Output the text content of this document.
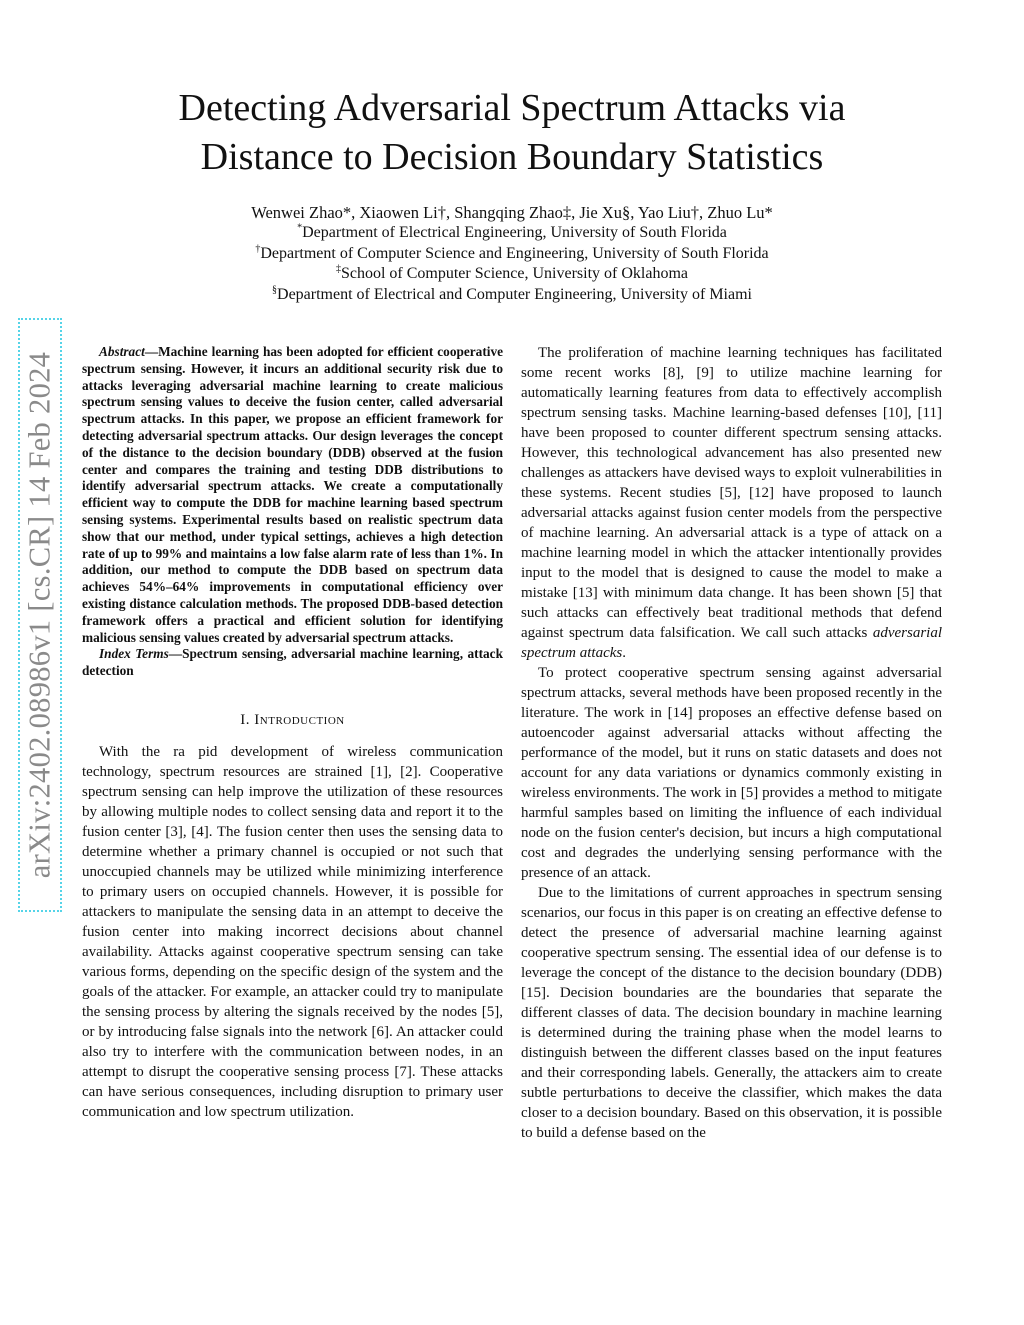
arXiv:2402.08986v1 [cs.CR] 14 Feb 2024
Detecting Adversarial Spectrum Attacks via
Distance to Decision Boundary Statistics
Wenwei Zhao*, Xiaowen Li†, Shangqing Zhao‡, Jie Xu§, Yao Liu†, Zhuo Lu*
*Department of Electrical Engineering, University of South Florida
†Department of Computer Science and Engineering, University of South Florida
‡School of Computer Science, University of Oklahoma
§Department of Electrical and Computer Engineering, University of Miami

Abstract—Machine learning has been adopted for efficient cooperative spectrum sensing. However, it incurs an additional security risk due to attacks leveraging adversarial machine learning to create malicious spectrum sensing values to deceive the fusion center, called adversarial spectrum attacks. In this paper, we propose an efficient framework for detecting adversarial spectrum attacks. Our design leverages the concept of the distance to the decision boundary (DDB) observed at the fusion center and compares the training and testing DDB distributions to identify adversarial spectrum attacks. We create a computationally efficient way to compute the DDB for machine learning based spectrum sensing systems. Experimental results based on realistic spectrum data show that our method, under typical settings, achieves a high detection rate of up to 99% and maintains a low false alarm rate of less than 1%. In addition, our method to compute the DDB based on spectrum data achieves 54%–64% improvements in computational efficiency over existing distance calculation methods. The proposed DDB-based detection framework offers a practical and efficient solution for identifying malicious sensing values created by adversarial spectrum attacks.

Index Terms—Spectrum sensing, adversarial machine learning, attack detection

I. Introduction

With the ra pid development of wireless communication technology, spectrum resources are strained [1], [2]. Cooperative spectrum sensing can help improve the utilization of these resources by allowing multiple nodes to collect sensing data and report it to the fusion center [3], [4]. The fusion center then uses the sensing data to determine whether a primary channel is occupied or not such that unoccupied channels may be utilized while minimizing interference to primary users on occupied channels. However, it is possible for attackers to manipulate the sensing data in an attempt to deceive the fusion center into making incorrect decisions about channel availability. Attacks against cooperative spectrum sensing can take various forms, depending on the specific design of the system and the goals of the attacker. For example, an attacker could try to manipulate the sensing process by altering the signals received by the nodes [5], or by introducing false signals into the network [6]. An attacker could also try to interfere with the communication between nodes, in an attempt to disrupt the cooperative sensing process [7]. These attacks can have serious consequences, including disruption to primary user communication and low spectrum utilization.

The proliferation of machine learning techniques has facilitated some recent works [8], [9] to utilize machine learning for automatically learning features from data to effectively accomplish spectrum sensing tasks. Machine learning-based defenses [10], [11] have been proposed to counter different spectrum sensing attacks. However, this technological advancement has also presented new challenges as attackers have devised ways to exploit vulnerabilities in these systems. Recent studies [5], [12] have proposed to launch adversarial attacks against fusion center models from the perspective of machine learning. An adversarial attack is a type of attack on a machine learning model in which the attacker intentionally provides input to the model that is designed to cause the model to make a mistake [13] with minimum data change. It has been shown [5] that such attacks can effectively beat traditional methods that defend against spectrum data falsification. We call such attacks adversarial spectrum attacks.

To protect cooperative spectrum sensing against adversarial spectrum attacks, several methods have been proposed recently in the literature. The work in [14] proposes an effective defense based on autoencoder against adversarial attacks without affecting the performance of the model, but it runs on static datasets and does not account for any data variations or dynamics commonly existing in wireless environments. The work in [5] provides a method to mitigate harmful samples based on limiting the influence of each individual node on the fusion center's decision, but incurs a high computational cost and degrades the underlying sensing performance with the presence of an attack.

Due to the limitations of current approaches in spectrum sensing scenarios, our focus in this paper is on creating an effective defense to detect the presence of adversarial machine learning against cooperative spectrum sensing. The essential idea of our defense is to leverage the concept of the distance to the decision boundary (DDB) [15]. Decision boundaries are the boundaries that separate the different classes of data. The decision boundary in machine learning is determined during the training phase when the model learns to distinguish between the different classes based on the input features and their corresponding labels. Generally, the attackers aim to create subtle perturbations to deceive the classifier, which makes the data closer to a decision boundary. Based on this observation, it is possible to build a defense based on the
